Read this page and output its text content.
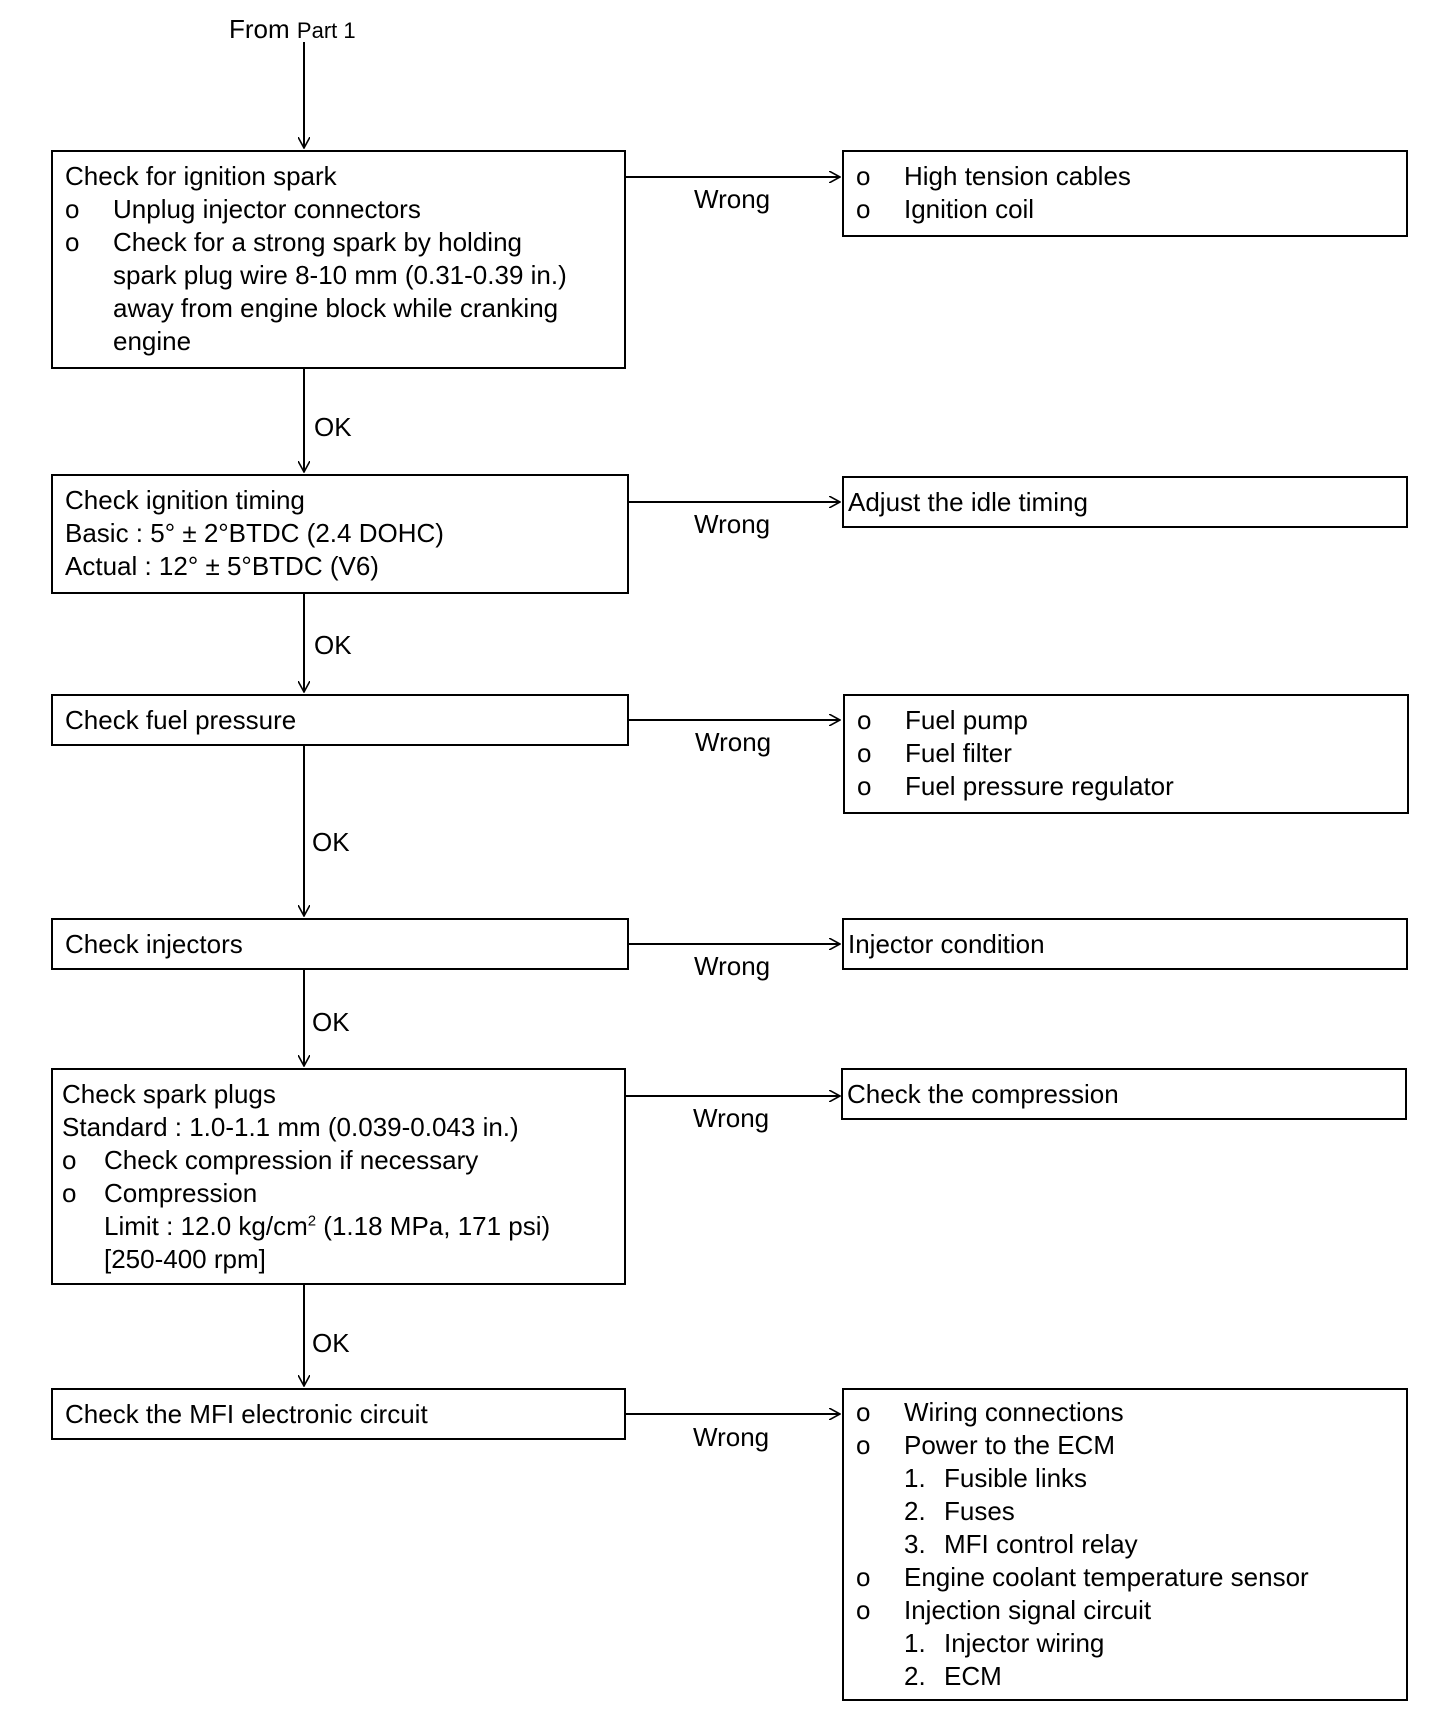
From Part 1
OK
OK
OK
OK
OK
Wrong
Wrong
Wrong
Wrong
Wrong
Wrong
Check for ignition spark
o Unplug injector connectors
o Check for a strong spark by holding
spark plug wire 8-10 mm (0.31-0.39 in.)
away from engine block while cranking
engine
o High tension cables
o Ignition coil
Check ignition timing
Basic : 5° ± 2°BTDC (2.4 DOHC)
Actual : 12° ± 5°BTDC (V6)
Adjust the idle timing
Check fuel pressure	o Fuel pump
o Fuel filter
o Fuel pressure regulator
Check injectors	Injector condition
Check spark plugs
Standard : 1.0-1.1 mm (0.039-0.043 in.)
o Check compression if necessary
o Compression
Limit : 12.0 $kg/cm^2$ (1.18 MPa, 171 psi)
[250-400 rpm]
Check the compression
Check the MFI electronic circuit	o Wiring connections
o Power to the ECM
1. Fusible links
2. Fuses
3. MFI control relay
o Engine coolant temperature sensor
o Injection signal circuit
1. Injector wiring
2. ECM
